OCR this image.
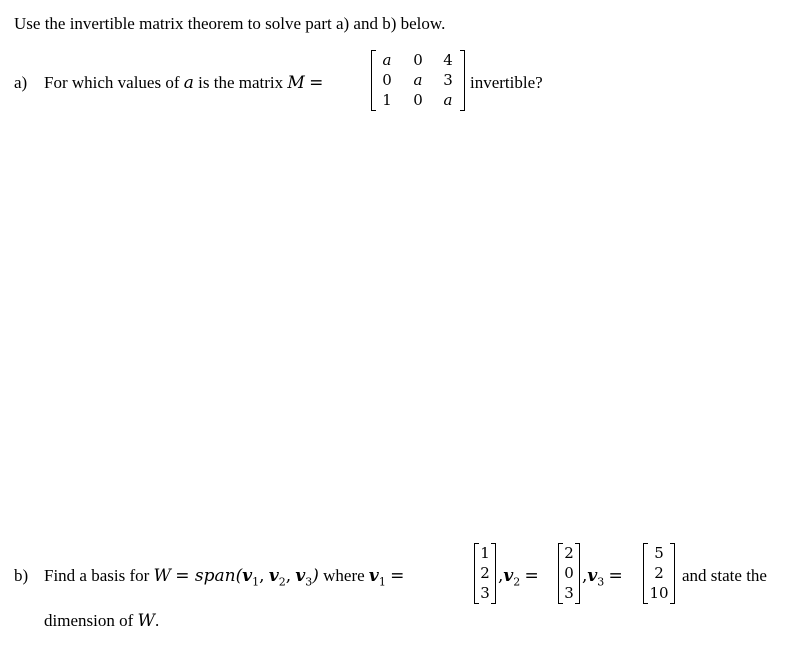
Use the invertible matrix theorem to solve part a) and b) below.
a) For which values of a is the matrix M =
a	0 4
0	a	3
1 0	a
invertible?
b) Find a basis for $W = span(v_1$, $v_2$, $v_3$) where $v_1$ =
1
2
3
$,v_2$ =
2
0
3
$,v_3$ =
5
2
10
and state the
dimension of W.
